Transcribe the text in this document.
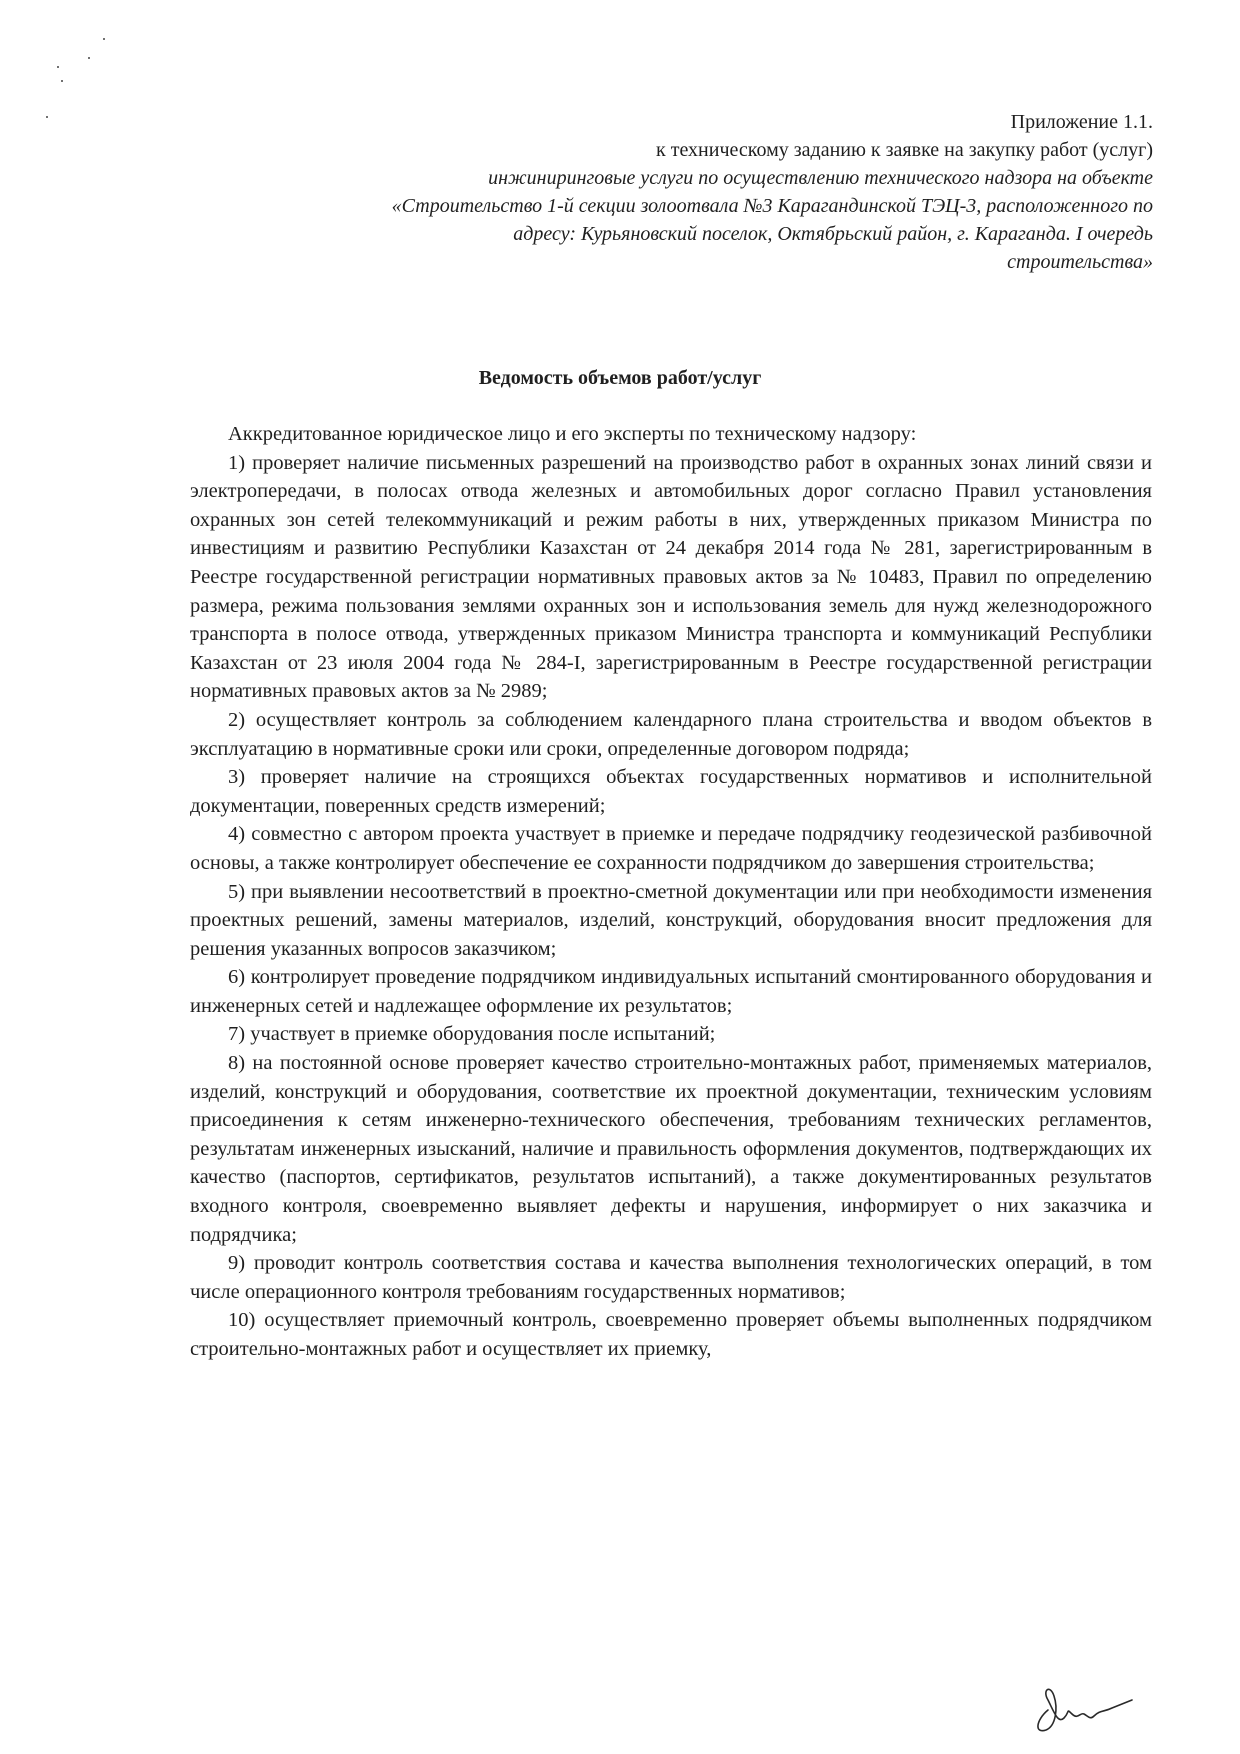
Приложение 1.1.
к техническому заданию к заявке на закупку работ (услуг)
инжиниринговые услуги по осуществлению технического надзора на объекте
«Строительство 1-й секции золоотвала №3 Карагандинской ТЭЦ-3, расположенного по
адресу: Курьяновский поселок, Октябрьский район, г. Караганда. I очередь
строительства»
Ведомость объемов работ/услуг

Аккредитованное юридическое лицо и его эксперты по техническому надзору:

1) проверяет наличие письменных разрешений на производство работ в охранных зонах линий связи и электропередачи, в полосах отвода железных и автомобильных дорог согласно Правил установления охранных зон сетей телекоммуникаций и режим работы в них, утвержденных приказом Министра по инвестициям и развитию Республики Казахстан от 24 декабря 2014 года № 281, зарегистрированным в Реестре государственной регистрации нормативных правовых актов за № 10483, Правил по определению размера, режима пользования землями охранных зон и использования земель для нужд железнодорожного транспорта в полосе отвода, утвержденных приказом Министра транспорта и коммуникаций Республики Казахстан от 23 июля 2004 года № 284-I, зарегистрированным в Реестре государственной регистрации нормативных правовых актов за № 2989;

2) осуществляет контроль за соблюдением календарного плана строительства и вводом объектов в эксплуатацию в нормативные сроки или сроки, определенные договором подряда;

3) проверяет наличие на строящихся объектах государственных нормативов и исполнительной документации, поверенных средств измерений;

4) совместно с автором проекта участвует в приемке и передаче подрядчику геодезической разбивочной основы, а также контролирует обеспечение ее сохранности подрядчиком до завершения строительства;

5) при выявлении несоответствий в проектно-сметной документации или при необходимости изменения проектных решений, замены материалов, изделий, конструкций, оборудования вносит предложения для решения указанных вопросов заказчиком;

6) контролирует проведение подрядчиком индивидуальных испытаний смонтированного оборудования и инженерных сетей и надлежащее оформление их результатов;

7) участвует в приемке оборудования после испытаний;

8) на постоянной основе проверяет качество строительно-монтажных работ, применяемых материалов, изделий, конструкций и оборудования, соответствие их проектной документации, техническим условиям присоединения к сетям инженерно-технического обеспечения, требованиям технических регламентов, результатам инженерных изысканий, наличие и правильность оформления документов, подтверждающих их качество (паспортов, сертификатов, результатов испытаний), а также документированных результатов входного контроля, своевременно выявляет дефекты и нарушения, информирует о них заказчика и подрядчика;

9) проводит контроль соответствия состава и качества выполнения технологических операций, в том числе операционного контроля требованиям государственных нормативов;

10) осуществляет приемочный контроль, своевременно проверяет объемы выполненных подрядчиком строительно-монтажных работ и осуществляет их приемку,
